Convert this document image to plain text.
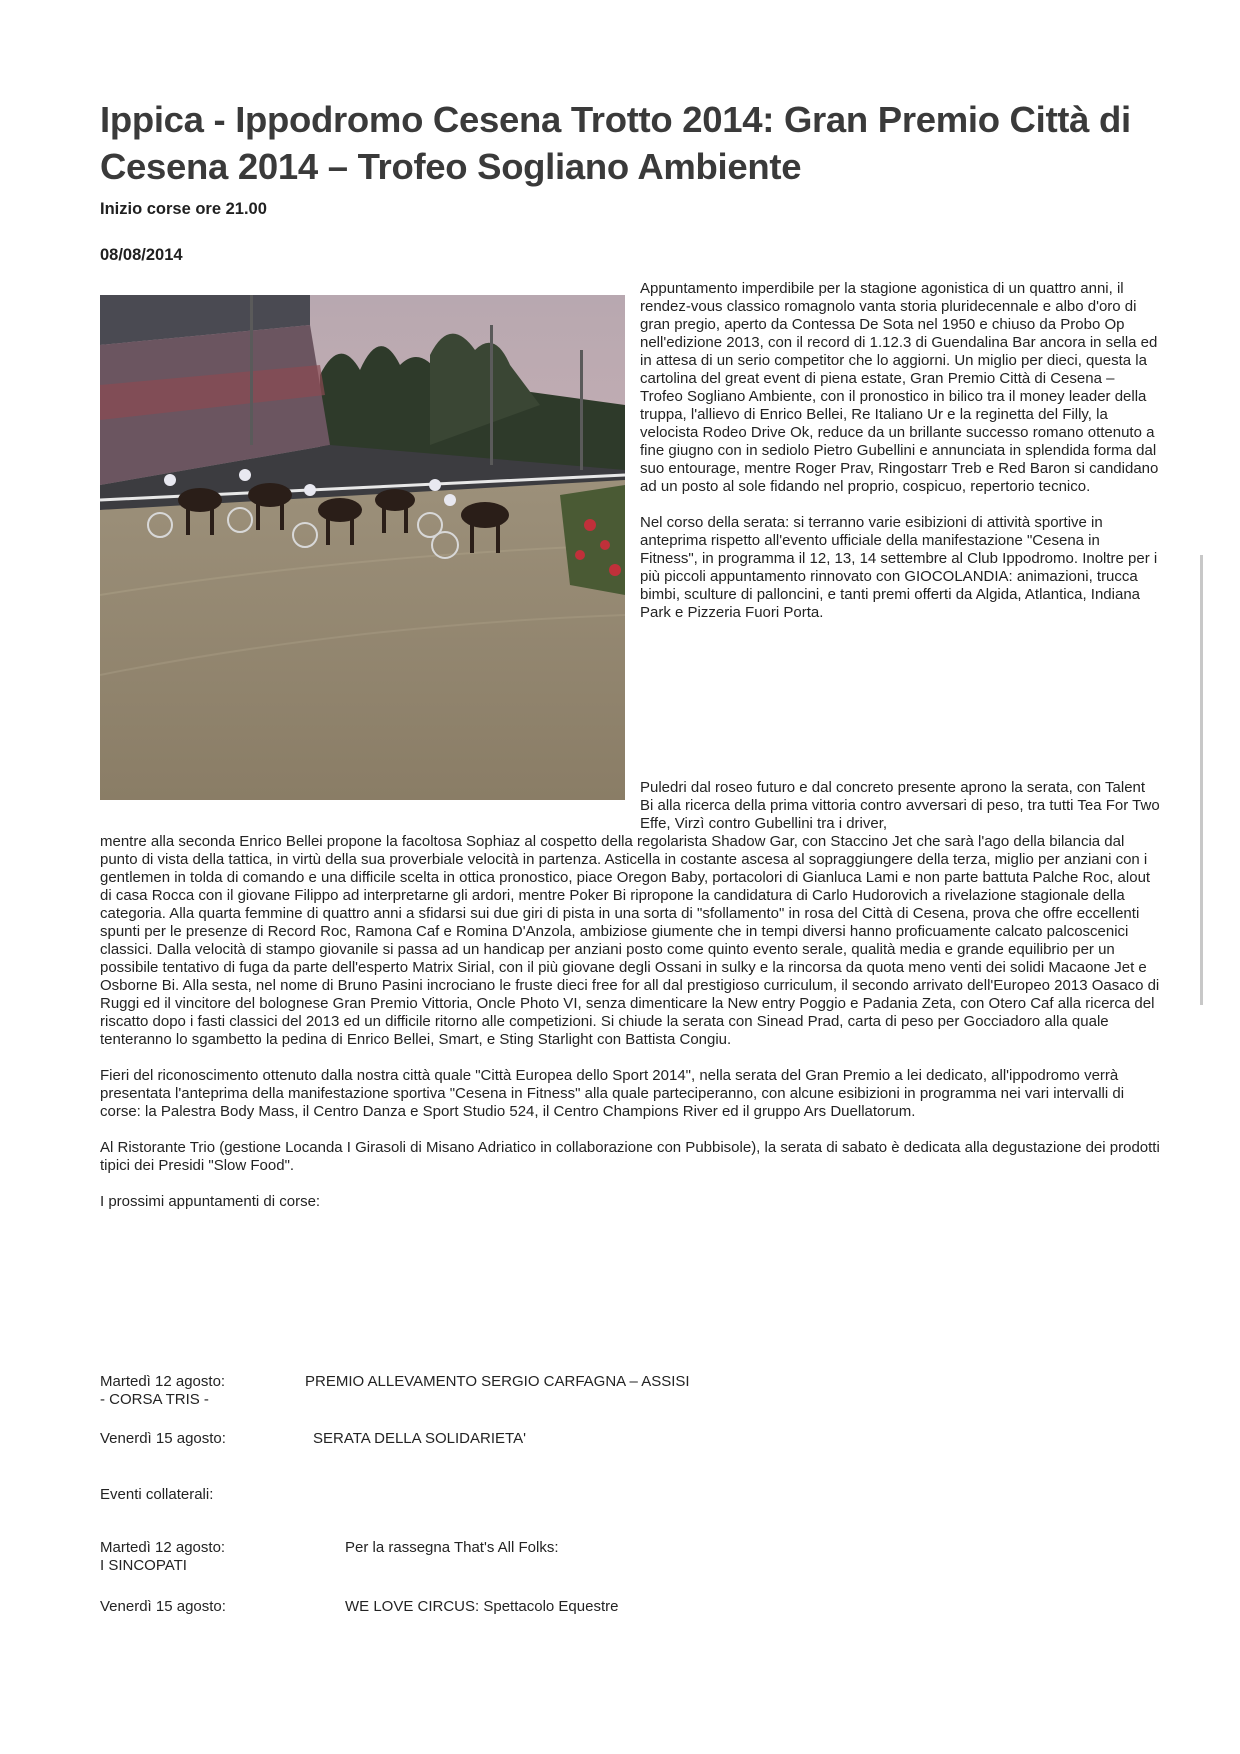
Ippica - Ippodromo Cesena Trotto 2014: Gran Premio Città di Cesena 2014 – Trofeo Sogliano Ambiente
Inizio corse ore 21.00
08/08/2014

Appuntamento imperdibile per la stagione agonistica di un quattro anni, il rendez-vous classico romagnolo vanta storia pluridecennale e albo d'oro di gran pregio, aperto da Contessa De Sota nel 1950 e chiuso da Probo Op nell'edizione 2013, con il record di 1.12.3 di Guendalina Bar ancora in sella ed in attesa di un serio competitor che lo aggiorni. Un miglio per dieci, questa la cartolina del great event di piena estate, Gran Premio Città di Cesena – Trofeo Sogliano Ambiente, con il pronostico in bilico tra il money leader della truppa, l'allievo di Enrico Bellei, Re Italiano Ur e la reginetta del Filly, la velocista Rodeo Drive Ok, reduce da un brillante successo romano ottenuto a fine giugno con in sediolo Pietro Gubellini e annunciata in splendida forma dal suo entourage, mentre Roger Prav, Ringostarr Treb e Red Baron si candidano ad un posto al sole fidando nel proprio, cospicuo, repertorio tecnico.

Nel corso della serata: si terranno varie esibizioni di attività sportive in anteprima rispetto all'evento ufficiale della manifestazione "Cesena in Fitness", in programma il 12, 13, 14 settembre al Club Ippodromo. Inoltre per i più piccoli appuntamento rinnovato con GIOCOLANDIA: animazioni, trucca bimbi, sculture di palloncini, e tanti premi offerti da Algida, Atlantica, Indiana Park e Pizzeria Fuori Porta.

Puledri dal roseo futuro e dal concreto presente aprono la serata, con Talent Bi alla ricerca della prima vittoria contro avversari di peso, tra tutti Tea For Two Effe, Virzì contro Gubellini tra i driver,

mentre alla seconda Enrico Bellei propone la facoltosa Sophiaz al cospetto della regolarista Shadow Gar, con Staccino Jet che sarà l'ago della bilancia dal punto di vista della tattica, in virtù della sua proverbiale velocità in partenza. Asticella in costante ascesa al sopraggiungere della terza, miglio per anziani con i gentlemen in tolda di comando e una difficile scelta in ottica pronostico, piace Oregon Baby, portacolori di Gianluca Lami e non parte battuta Palche Roc, alout di casa Rocca con il giovane Filippo ad interpretarne gli ardori, mentre Poker Bi ripropone la candidatura di Carlo Hudorovich a rivelazione stagionale della categoria. Alla quarta femmine di quattro anni a sfidarsi sui due giri di pista in una sorta di "sfollamento" in rosa del Città di Cesena, prova che offre eccellenti spunti per le presenze di Record Roc, Ramona Caf e Romina D'Anzola, ambiziose giumente che in tempi diversi hanno proficuamente calcato palcoscenici classici. Dalla velocità di stampo giovanile si passa ad un handicap per anziani posto come quinto evento serale, qualità media e grande equilibrio per un possibile tentativo di fuga da parte dell'esperto Matrix Sirial, con il più giovane degli Ossani in sulky e la rincorsa da quota meno venti dei solidi Macaone Jet e Osborne Bi. Alla sesta, nel nome di Bruno Pasini incrociano le fruste dieci free for all dal prestigioso curriculum, il secondo arrivato dell'Europeo 2013 Oasaco di Ruggi ed il vincitore del bolognese Gran Premio Vittoria, Oncle Photo VI, senza dimenticare la New entry Poggio e Padania Zeta, con Otero Caf alla ricerca del riscatto dopo i fasti classici del 2013 ed un difficile ritorno alle competizioni. Si chiude la serata con Sinead Prad, carta di peso per Gocciadoro alla quale tenteranno lo sgambetto la pedina di Enrico Bellei, Smart, e Sting Starlight con Battista Congiu.

Fieri del riconoscimento ottenuto dalla nostra città quale "Città Europea dello Sport 2014", nella serata del Gran Premio a lei dedicato, all'ippodromo verrà presentata l'anteprima della manifestazione sportiva "Cesena in Fitness" alla quale parteciperanno, con alcune esibizioni in programma nei vari intervalli di corse: la Palestra Body Mass, il Centro Danza e Sport Studio 524, il Centro Champions River ed il gruppo Ars Duellatorum.

Al Ristorante Trio (gestione Locanda I Girasoli di Misano Adriatico in collaborazione con Pubbisole), la serata di sabato è dedicata alla degustazione dei prodotti tipici dei Presidi "Slow Food".

I prossimi appuntamenti di corse:

Martedì 12 agosto:
- CORSA TRIS -
PREMIO ALLEVAMENTO SERGIO CARFAGNA – ASSISI
Venerdì 15 agosto:	SERATA DELLA SOLIDARIETA'
Eventi collaterali:
Martedì 12 agosto:
I SINCOPATI
Per la rassegna That's All Folks:
Venerdì 15 agosto:	WE LOVE CIRCUS: Spettacolo Equestre
